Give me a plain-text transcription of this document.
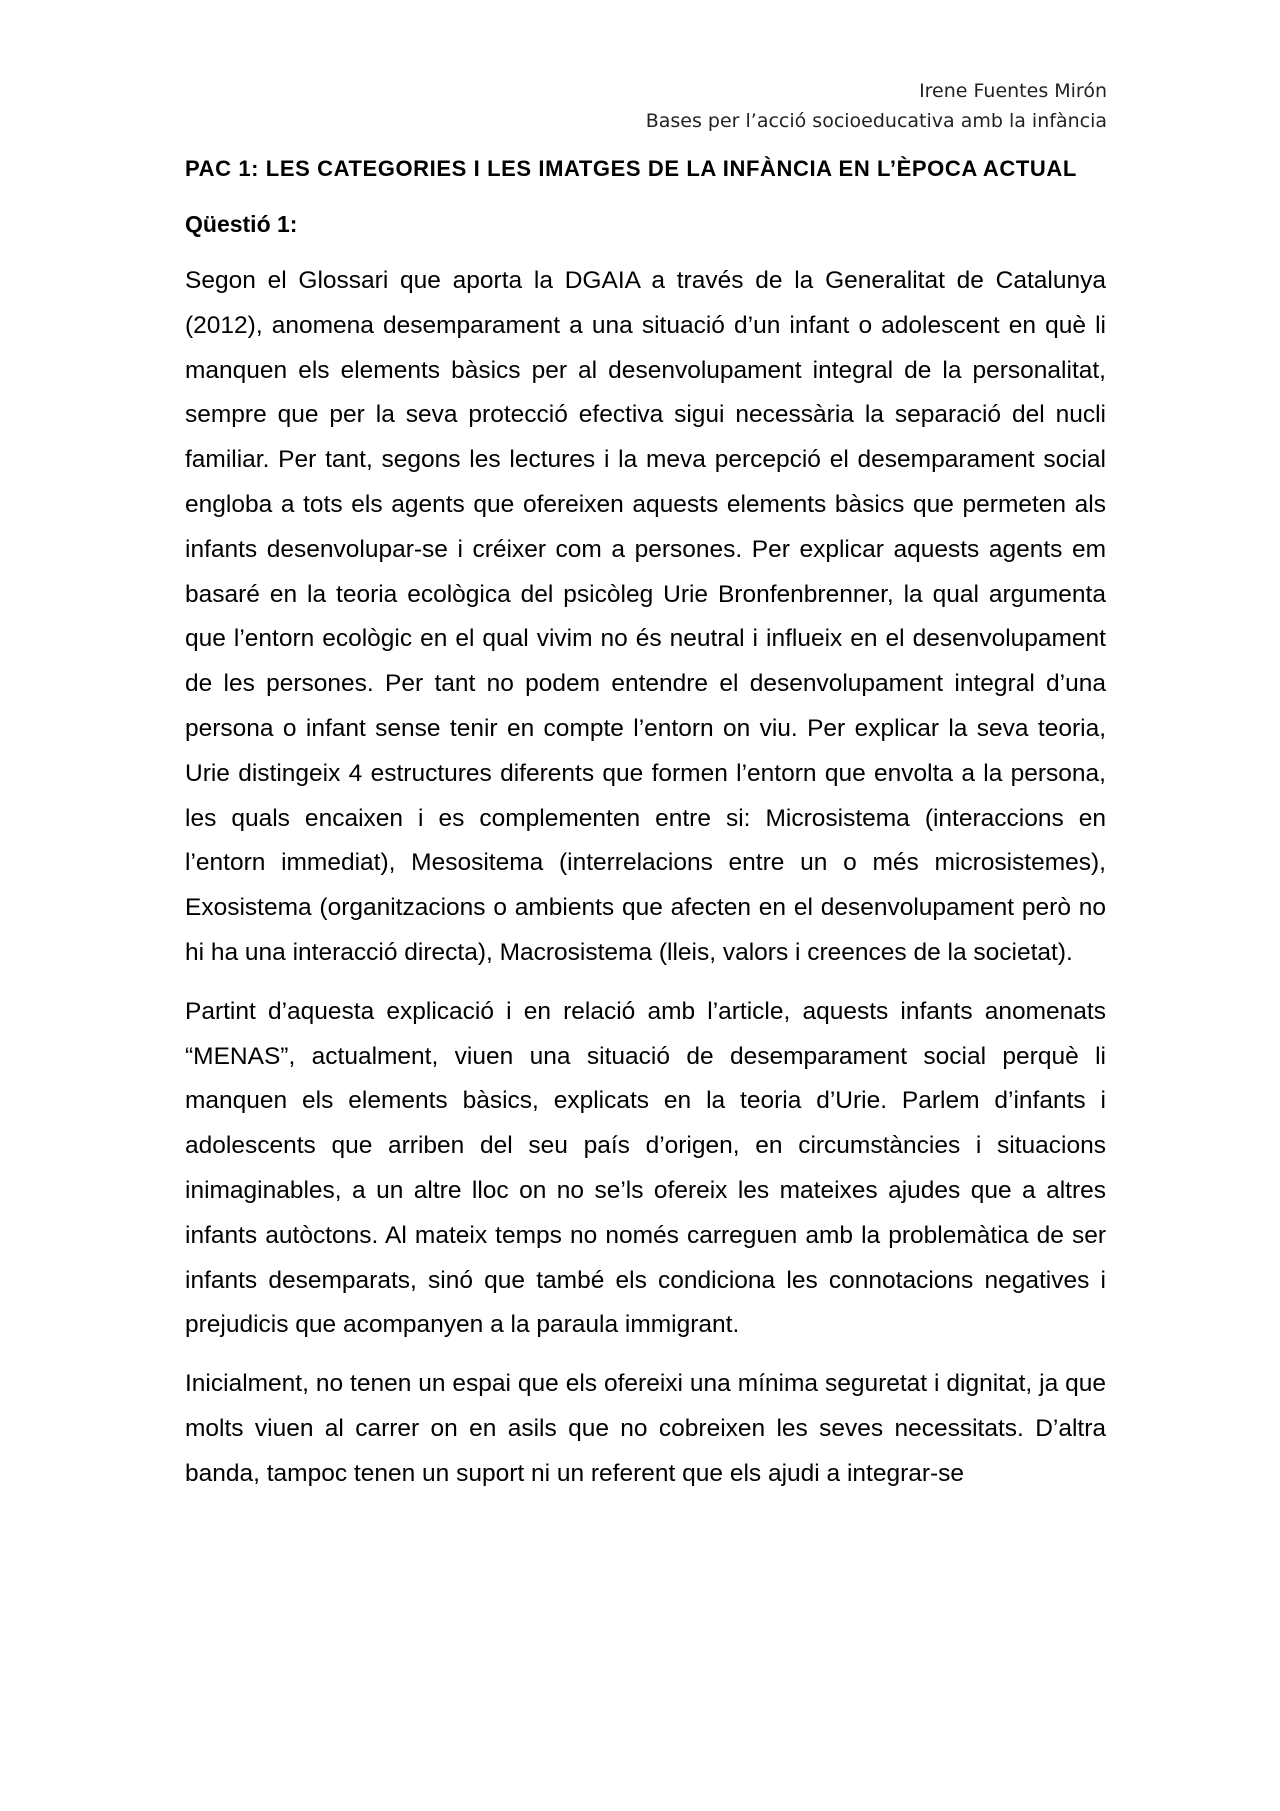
Irene Fuentes Mirón
Bases per l’acció socioeducativa amb la infància
PAC 1: LES CATEGORIES I LES IMATGES DE LA INFÀNCIA EN L’ÈPOCA ACTUAL
Qüestió 1:

Segon el Glossari que aporta la DGAIA a través de la Generalitat de Catalunya (2012), anomena desemparament a una situació d’un infant o adolescent en què li manquen els elements bàsics per al desenvolupament integral de la personalitat, sempre que per la seva protecció efectiva sigui necessària la separació del nucli familiar. Per tant, segons les lectures i la meva percepció el desemparament social engloba a tots els agents que ofereixen aquests elements bàsics que permeten als infants desenvolupar-se i créixer com a persones. Per explicar aquests agents em basaré en la teoria ecològica del psicòleg Urie Bronfenbrenner, la qual argumenta que l’entorn ecològic en el qual vivim no és neutral i influeix en el desenvolupament de les persones. Per tant no podem entendre el desenvolupament integral d’una persona o infant sense tenir en compte l’entorn on viu. Per explicar la seva teoria, Urie distingeix 4 estructures diferents que formen l’entorn que envolta a la persona, les quals encaixen i es complementen entre si: Microsistema (interaccions en l’entorn immediat), Mesositema (interrelacions entre un o més microsistemes), Exosistema (organitzacions o ambients que afecten en el desenvolupament però no hi ha una interacció directa), Macrosistema (lleis, valors i creences de la societat).

Partint d’aquesta explicació i en relació amb l’article, aquests infants anomenats “MENAS”, actualment, viuen una situació de desemparament social perquè li manquen els elements bàsics, explicats en la teoria d’Urie. Parlem d’infants i adolescents que arriben del seu país d’origen, en circumstàncies i situacions inimaginables, a un altre lloc on no se’ls ofereix les mateixes ajudes que a altres infants autòctons. Al mateix temps no només carreguen amb la problemàtica de ser infants desemparats, sinó que també els condiciona les connotacions negatives i prejudicis que acompanyen a la paraula immigrant.

Inicialment, no tenen un espai que els ofereixi una mínima seguretat i dignitat, ja que molts viuen al carrer on en asils que no cobreixen les seves necessitats. D’altra banda, tampoc tenen un suport ni un referent que els ajudi a integrar-se
